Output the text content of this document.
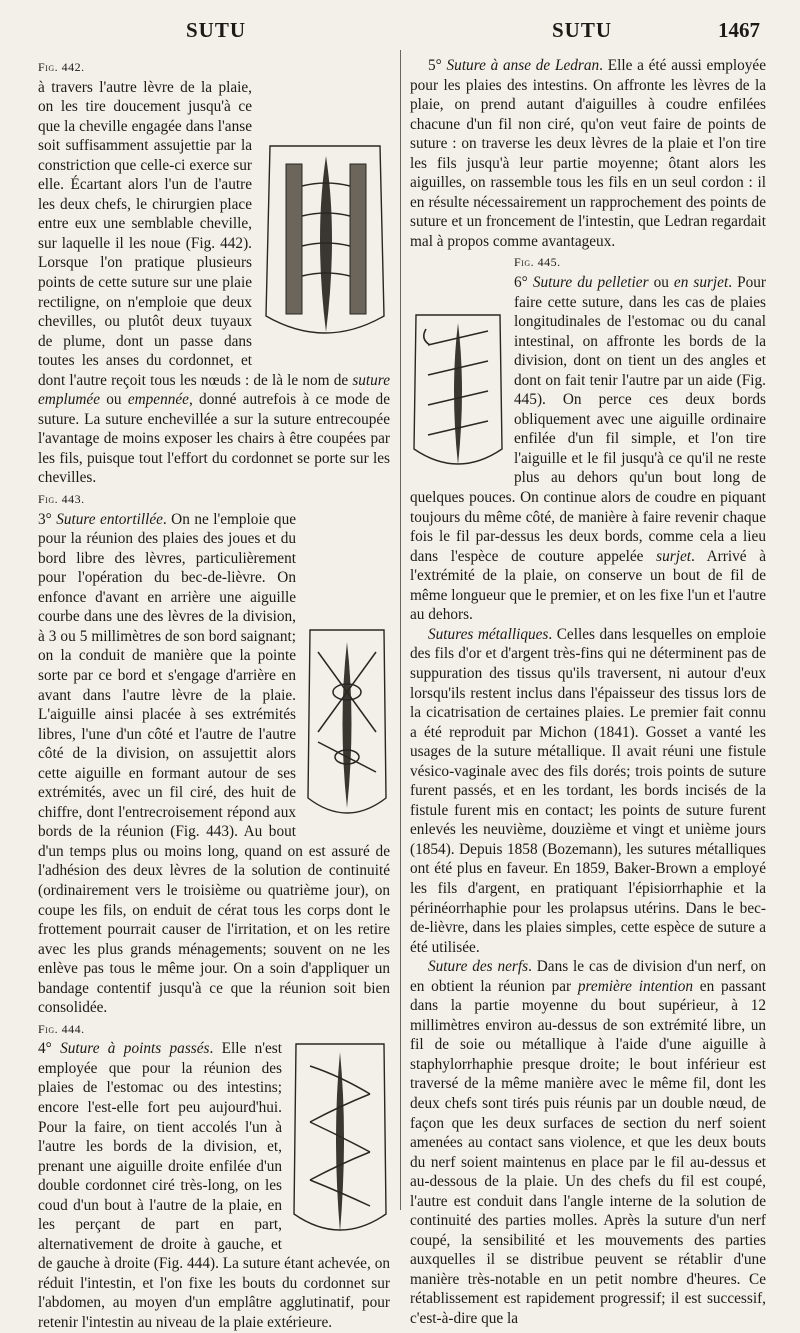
SUTU	SUTU	1467

Fig. 442.
à travers l'autre lèvre de la plaie, on les tire doucement jusqu'à ce que la cheville engagée dans l'anse soit suffisamment assujettie par la constriction que celle-ci exerce sur elle. Écartant alors l'un de l'autre les deux chefs, le chirurgien place entre eux une semblable cheville, sur laquelle il les noue (Fig. 442). Lorsque l'on pratique plusieurs points de cette suture sur une plaie rectiligne, on n'emploie que deux chevilles, ou plutôt deux tuyaux de plume, dont un passe dans toutes les anses du cordonnet, et dont l'autre reçoit tous les nœuds : de là le nom de suture emplumée ou empennée, donné autrefois à ce mode de suture. La suture enchevillée a sur la suture entrecoupée l'avantage de moins exposer les chairs à être coupées par les fils, puisque tout l'effort du cordonnet se porte sur les chevilles.

Fig. 443.
3° Suture entortillée. On ne l'emploie que pour la réunion des plaies des joues et du bord libre des lèvres, particulièrement pour l'opération du bec-de-lièvre. On enfonce d'avant en arrière une aiguille courbe dans une des lèvres de la division, à 3 ou 5 millimètres de son bord saignant; on la conduit de manière que la pointe sorte par ce bord et s'engage d'arrière en avant dans l'autre lèvre de la plaie. L'aiguille ainsi placée à ses extrémités libres, l'une d'un côté et l'autre de l'autre côté de la division, on assujettit alors cette aiguille en formant autour de ses extrémités, avec un fil ciré, des huit de chiffre, dont l'entrecroisement répond aux bords de la réunion (Fig. 443). Au bout d'un temps plus ou moins long, quand on est assuré de l'adhésion des deux lèvres de la solution de continuité (ordinairement vers le troisième ou quatrième jour), on coupe les fils, on enduit de cérat tous les corps dont le frottement pourrait causer de l'irritation, et on les retire avec les plus grands ménagements; souvent on ne les enlève pas tous le même jour. On a soin d'appliquer un bandage contentif jusqu'à ce que la réunion soit bien consolidée.

Fig. 444.
4° Suture à points passés. Elle n'est employée que pour la réunion des plaies de l'estomac ou des intestins; encore l'est-elle fort peu aujourd'hui. Pour la faire, on tient accolés l'un à l'autre les bords de la division, et, prenant une aiguille droite enfilée d'un double cordonnet ciré très-long, on les coud d'un bout à l'autre de la plaie, en les perçant de part en part, alternativement de droite à gauche, et de gauche à droite (Fig. 444). La suture étant achevée, on réduit l'intestin, et l'on fixe les bouts du cordonnet sur l'abdomen, au moyen d'un emplâtre agglutinatif, pour retenir l'intestin au niveau de la plaie extérieure.

5° Suture à anse de Ledran. Elle a été aussi employée pour les plaies des intestins. On affronte les lèvres de la plaie, on prend autant d'aiguilles à coudre enfilées chacune d'un fil non ciré, qu'on veut faire de points de suture : on traverse les deux lèvres de la plaie et l'on tire les fils jusqu'à leur partie moyenne; ôtant alors les aiguilles, on rassemble tous les fils en un seul cordon : il en résulte nécessairement un rapprochement des points de suture et un froncement de l'intestin, que Ledran regardait mal à propos comme avantageux.

Fig. 445.
6° Suture du pelletier ou en surjet. Pour faire cette suture, dans les cas de plaies longitudinales de l'estomac ou du canal intestinal, on affronte les bords de la division, dont on tient un des angles et dont on fait tenir l'autre par un aide (Fig. 445). On perce ces deux bords obliquement avec une aiguille ordinaire enfilée d'un fil simple, et l'on tire l'aiguille et le fil jusqu'à ce qu'il ne reste plus au dehors qu'un bout long de quelques pouces. On continue alors de coudre en piquant toujours du même côté, de manière à faire revenir chaque fois le fil par-dessus les deux bords, comme cela a lieu dans l'espèce de couture appelée surjet. Arrivé à l'extrémité de la plaie, on conserve un bout de fil de même longueur que le premier, et on les fixe l'un et l'autre au dehors.

Sutures métalliques. Celles dans lesquelles on emploie des fils d'or et d'argent très-fins qui ne déterminent pas de suppuration des tissus qu'ils traversent, ni autour d'eux lorsqu'ils restent inclus dans l'épaisseur des tissus lors de la cicatrisation de certaines plaies. Le premier fait connu a été reproduit par Michon (1841). Gosset a vanté les usages de la suture métallique. Il avait réuni une fistule vésico-vaginale avec des fils dorés; trois points de suture furent passés, et en les tordant, les bords incisés de la fistule furent mis en contact; les points de suture furent enlevés les neuvième, douzième et vingt et unième jours (1854). Depuis 1858 (Bozemann), les sutures métalliques ont été plus en faveur. En 1859, Baker-Brown a employé les fils d'argent, en pratiquant l'épisiorrhaphie et la périnéorrhaphie pour les prolapsus utérins. Dans le bec-de-lièvre, dans les plaies simples, cette espèce de suture a été utilisée.

Suture des nerfs. Dans le cas de division d'un nerf, on en obtient la réunion par première intention en passant dans la partie moyenne du bout supérieur, à 12 millimètres environ au-dessus de son extrémité libre, un fil de soie ou métallique à l'aide d'une aiguille à staphylorrhaphie presque droite; le bout inférieur est traversé de la même manière avec le même fil, dont les deux chefs sont tirés puis réunis par un double nœud, de façon que les deux surfaces de section du nerf soient amenées au contact sans violence, et que les deux bouts du nerf soient maintenus en place par le fil au-dessus et au-dessous de la plaie. Un des chefs du fil est coupé, l'autre est conduit dans l'angle interne de la solution de continuité des parties molles. Après la suture d'un nerf coupé, la sensibilité et les mouvements des parties auxquelles il se distribue peuvent se rétablir d'une manière très-notable en un petit nombre d'heures. Ce rétablissement est rapidement progressif; il est successif, c'est-à-dire que la
